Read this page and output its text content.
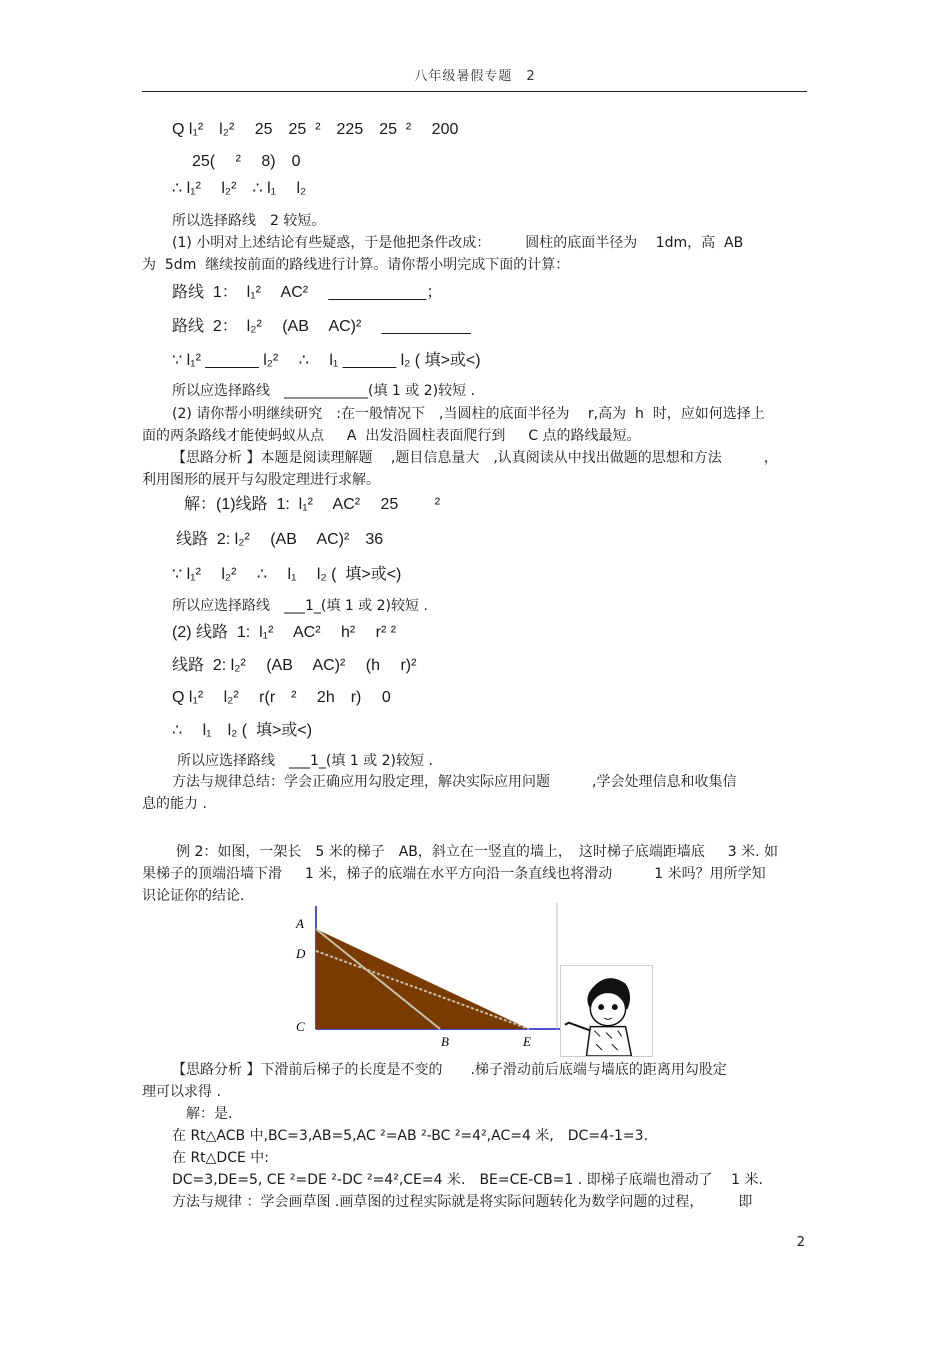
八年级暑假专题　2
Q l₁²　l₂²　 25　25  ²　225　25  ²　 200
25(　 ²　 8)　0
∴ l₁²　 l₂²　∴ l₁　 l₂
所以选择路线　2 较短。
(1) 小明对上述结论有些疑惑，于是他把条件改成：　　　圆柱的底面半径为　 1dm，高  AB
为  5dm  继续按前面的路线进行计算。请你帮小明完成下面的计算：
路线  1：  l₁²　 AC²　 ___________；
路线  2：  l₂²　 (AB　 AC)²　 __________
∵ l₁² ______ l₂²　 ∴　 l₁ ______ l₂ ( 填>或<)
所以应选择路线　____________(填 1 或 2)较短 .
(2) 请你帮小明继续研究　:在一般情况下　,当圆柱的底面半径为　 r,高为  h  时，应如何选择上
面的两条路线才能使蚂蚁从点　  A  出发沿圆柱表面爬行到　  C 点的路线最短。
【思路分析 】本题是阅读理解题　 ,题目信息量大　,认真阅读从中找出做题的思想和方法　　　，
利用图形的展开与勾股定理进行求解。
解：(1)线路  1:  l₁²　 AC²　 25　　 ²
线路  2: l₂²　 (AB　 AC)²　36
∵ l₁²　 l₂²　 ∴　 l₁　 l₂ (  填>或<)
所以应选择路线　___1_(填 1 或 2)较短 .
(2) 线路  1:  l₁²　 AC²　 h²　 r² ²
线路  2: l₂²　 (AB　 AC)²　 (h　 r)²
Q l₁²　 l₂²　 r(r　²　 2h　r)　 0
∴　 l₁　l₂ (  填>或<)
所以应选择路线　___1_(填 1 或 2)较短 .
方法与规律总结：学会正确应用勾股定理，解决实际应用问题　　　,学会处理信息和收集信
息的能力 .
例 2：如图，一架长　5 米的梯子　AB，斜立在一竖直的墙上，　这时梯子底端距墙底　  3 米. 如
果梯子的顶端沿墙下滑　  1 米，梯子的底端在水平方向沿一条直线也将滑动　　　1 米吗？用所学知
识论证你的结论.
【思路分析 】下滑前后梯子的长度是不变的　　.梯子滑动前后底端与墙底的距离用勾股定
理可以求得 .
解：是.
在 Rt△ACB 中,BC=3,AB=5,AC ²=AB ²-BC ²=4²,AC=4 米,　DC=4-1=3.
在 Rt△DCE 中:
DC=3,DE=5, CE ²=DE ²-DC ²=4²,CE=4 米.　BE=CE-CB=1 . 即梯子底端也滑动了　 1 米.
方法与规律 ：学会画草图 .画草图的过程实际就是将实际问题转化为数学问题的过程，　　　即
A
D
C
B	E
2
